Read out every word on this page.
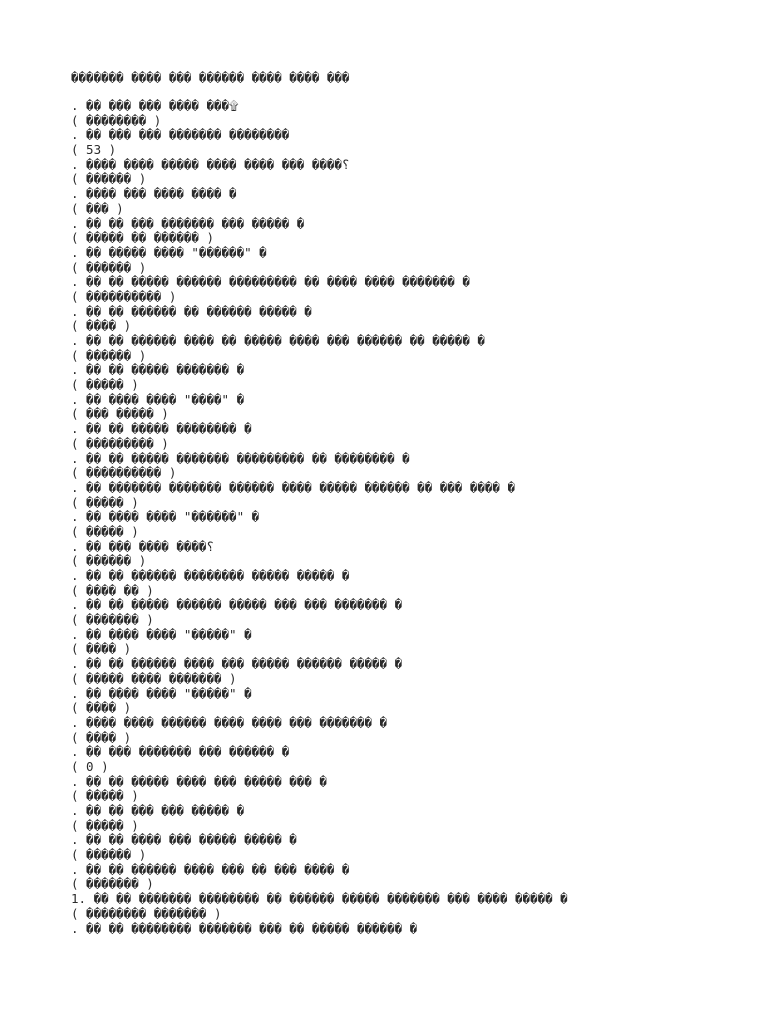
������� ���� ��� ������ ���� ���� ���
. �� ��� ��� ���� ���۩
( �������� )
. �� ��� ��� ������� ��������
( 53 )
. ���� ���� ����� ���� ���� ��� ����؟
( ������ )
. ���� ��� ���� ���� �
( ��� )
. �� �� ��� ������� ��� ����� �
( ����� �� ������ )
. �� ����� ���� "������" �
( ������ )
. �� �� ����� ������ ��������� �� ���� ���� ������� �
( ���������� )
. �� �� ������ �� ������ ����� �
( ���� )
. �� �� ������ ���� �� ����� ���� ��� ������ �� ����� �
( ������ )
. �� �� ����� ������� �
( ����� )
. �� ���� ���� "����" �
( ��� ����� )
. �� �� ����� �������� �
( ��������� )
. �� �� ����� ������� ��������� �� �������� �
( ���������� )
. �� ������� ������� ������ ���� ����� ������ �� ��� ���� �
( ����� )
. �� ���� ���� "������" �
( ����� )
. �� ��� ���� ����؟
( ������ )
. �� �� ������ �������� ����� ����� �
( ���� �� )
. �� �� ����� ������ ����� ��� ��� ������� �
( ������� )
. �� ���� ���� "�����" �
( ���� )
. �� �� ������ ���� ��� ����� ������ ����� �
( ����� ���� ������� )
. �� ���� ���� "�����" �
( ���� )
. ���� ���� ������ ���� ���� ��� ������� �
( ���� )
. �� ��� ������� ��� ������ �
( 0 )
. �� �� ����� ���� ��� ����� ��� �
( ����� )
. �� �� ��� ��� ����� �
( ����� )
. �� �� ���� ��� ����� ����� �
( ������ )
. �� �� ������ ���� ��� �� ��� ���� �
( ������� )
1. �� �� ������� �������� �� ������ ����� ������� ��� ���� ����� �
( �������� ������� )
. �� �� �������� ������� ��� �� ����� ������ �
